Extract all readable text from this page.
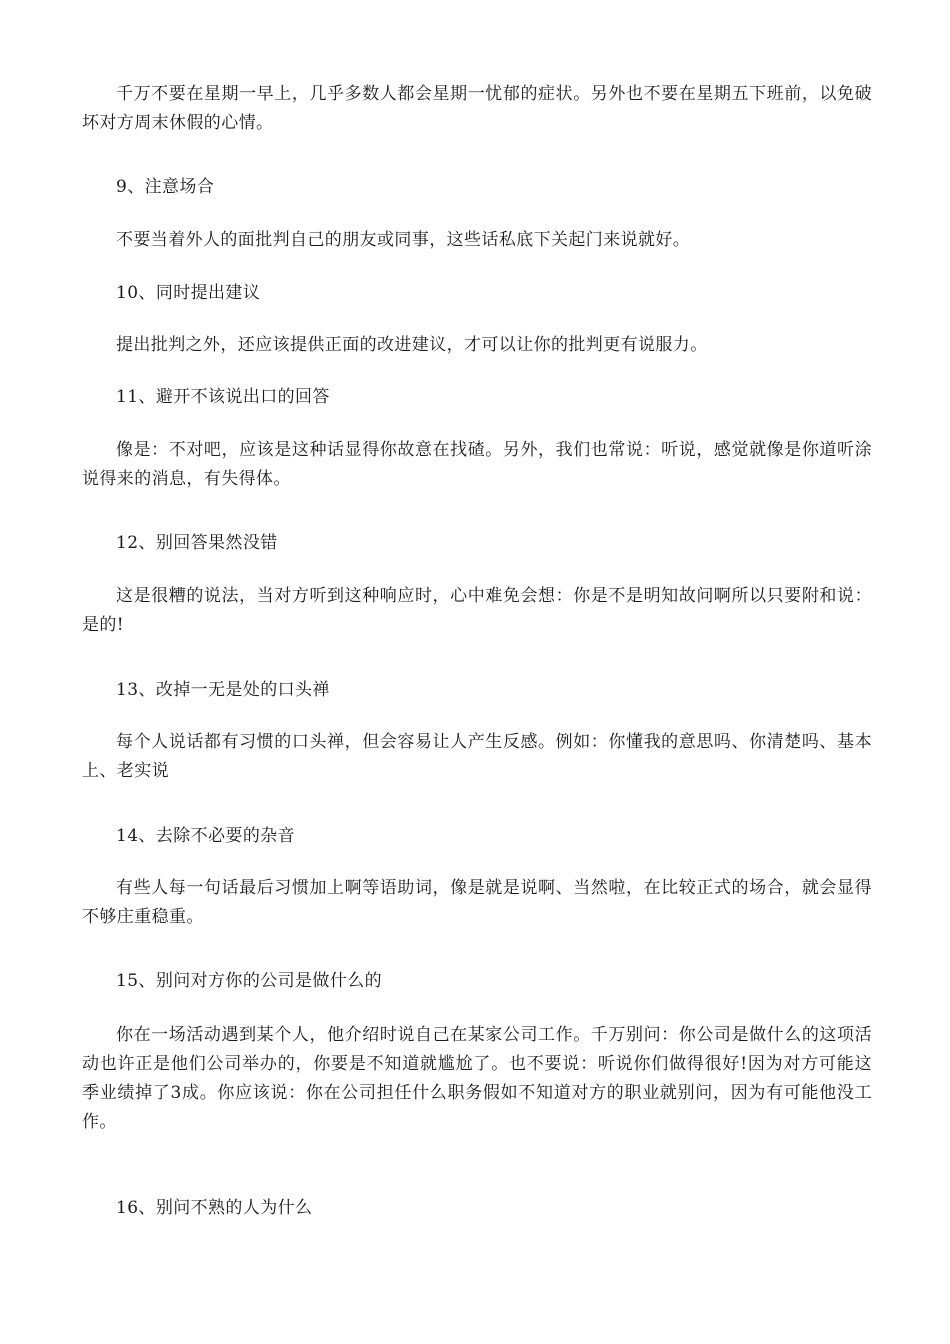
千万不要在星期一早上，几乎多数人都会星期一忧郁的症状。另外也不要在星期五下班前，以免破坏对方周末休假的心情。

9、注意场合

不要当着外人的面批判自己的朋友或同事，这些话私底下关起门来说就好。

10、同时提出建议

提出批判之外，还应该提供正面的改进建议，才可以让你的批判更有说服力。

11、避开不该说出口的回答

像是：不对吧，应该是这种话显得你故意在找碴。另外，我们也常说：听说，感觉就像是你道听涂说得来的消息，有失得体。

12、别回答果然没错

这是很糟的说法，当对方听到这种响应时，心中难免会想：你是不是明知故问啊所以只要附和说：是的!

13、改掉一无是处的口头禅

每个人说话都有习惯的口头禅，但会容易让人产生反感。例如：你懂我的意思吗、你清楚吗、基本上、老实说

14、去除不必要的杂音

有些人每一句话最后习惯加上啊等语助词，像是就是说啊、当然啦，在比较正式的场合，就会显得不够庄重稳重。

15、别问对方你的公司是做什么的

你在一场活动遇到某个人，他介绍时说自己在某家公司工作。千万别问：你公司是做什么的这项活动也许正是他们公司举办的，你要是不知道就尴尬了。也不要说：听说你们做得很好!因为对方可能这季业绩掉了3成。你应该说：你在公司担任什么职务假如不知道对方的职业就别问，因为有可能他没工作。

16、别问不熟的人为什么
